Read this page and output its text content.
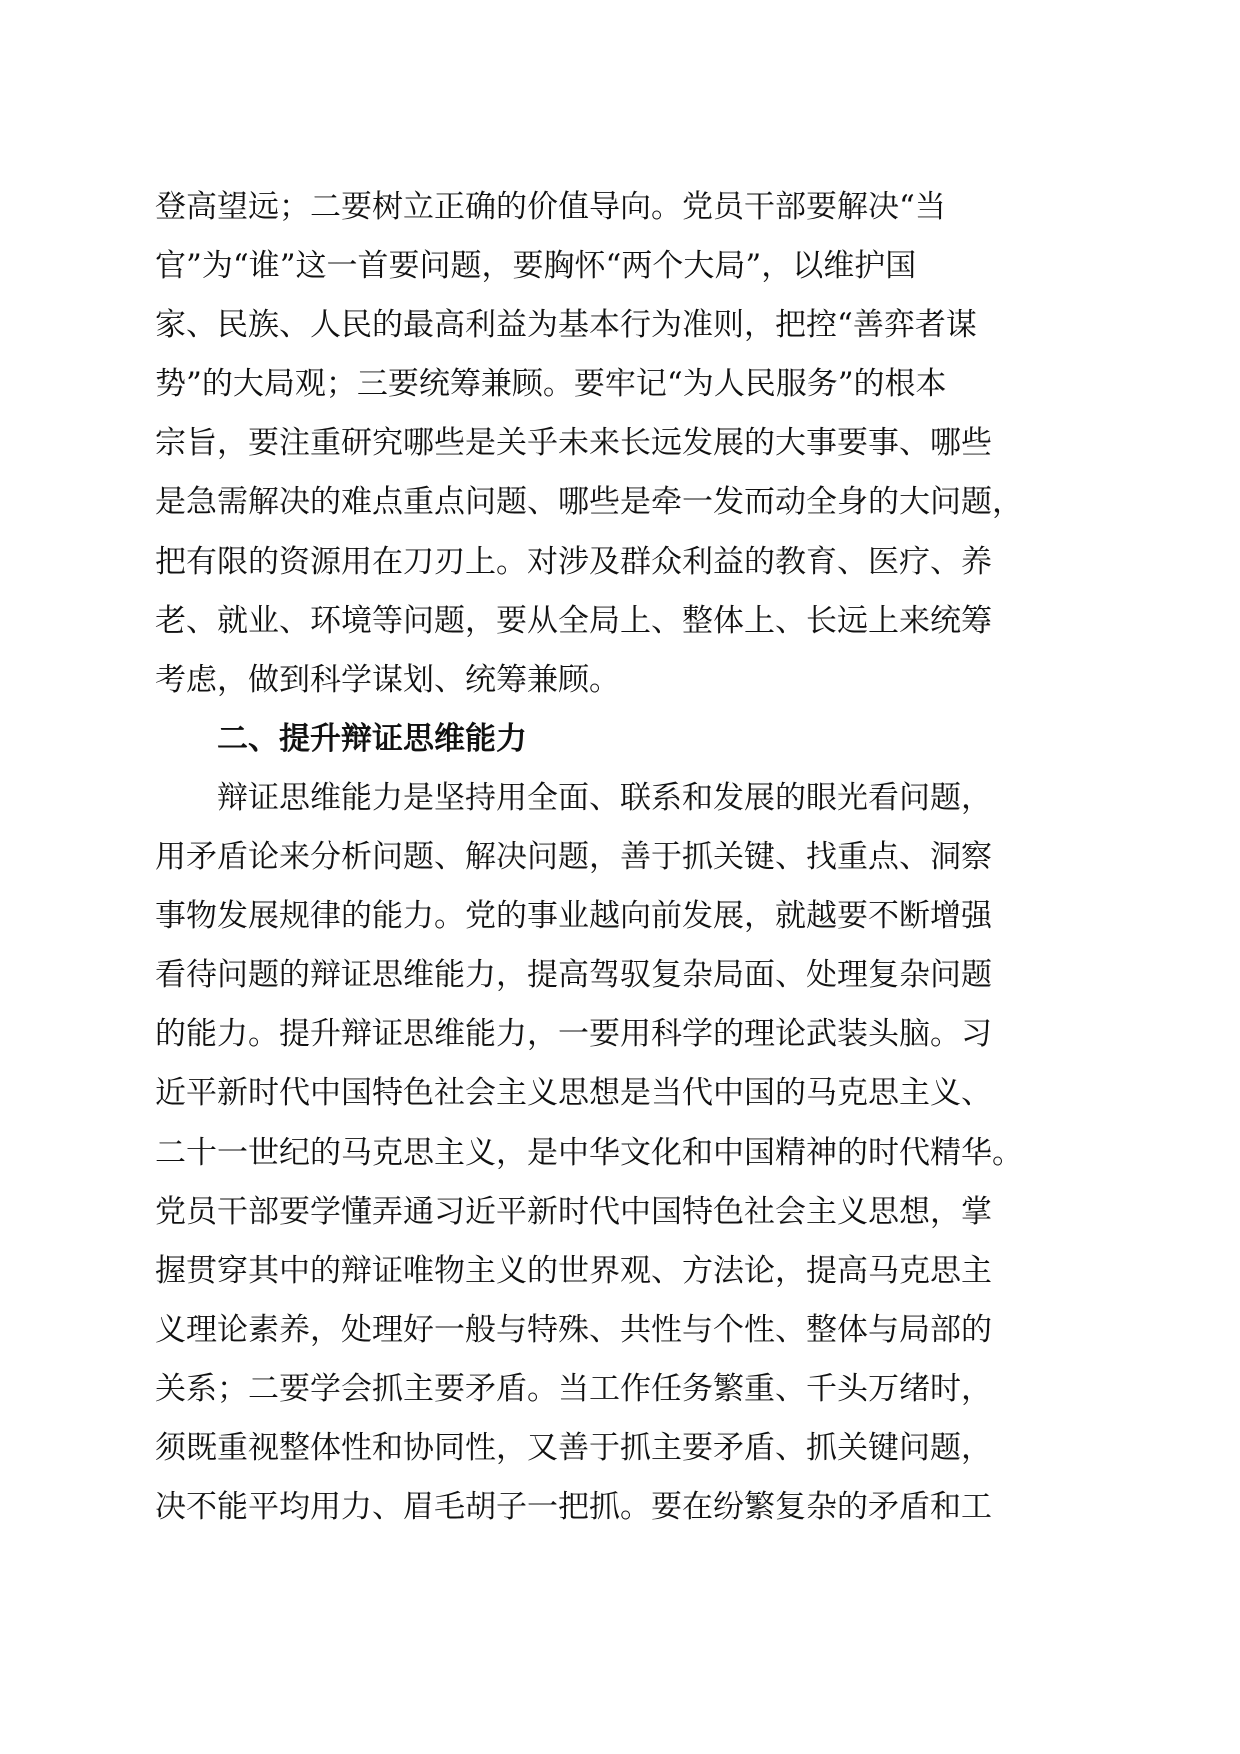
登高望远；二要树立正确的价值导向。党员干部要解决“当
官”为“谁”这一首要问题，要胸怀“两个大局”，以维护国
家、民族、人民的最高利益为基本行为准则，把控“善弈者谋
势”的大局观；三要统筹兼顾。要牢记“为人民服务”的根本
宗旨，要注重研究哪些是关乎未来长远发展的大事要事、哪些
是急需解决的难点重点问题、哪些是牵一发而动全身的大问题，
把有限的资源用在刀刃上。对涉及群众利益的教育、医疗、养
老、就业、环境等问题，要从全局上、整体上、长远上来统筹
考虑，做到科学谋划、统筹兼顾。
二、提升辩证思维能力
辩证思维能力是坚持用全面、联系和发展的眼光看问题，
用矛盾论来分析问题、解决问题，善于抓关键、找重点、洞察
事物发展规律的能力。党的事业越向前发展，就越要不断增强
看待问题的辩证思维能力，提高驾驭复杂局面、处理复杂问题
的能力。提升辩证思维能力，一要用科学的理论武装头脑。习
近平新时代中国特色社会主义思想是当代中国的马克思主义、
二十一世纪的马克思主义，是中华文化和中国精神的时代精华。
党员干部要学懂弄通习近平新时代中国特色社会主义思想，掌
握贯穿其中的辩证唯物主义的世界观、方法论，提高马克思主
义理论素养，处理好一般与特殊、共性与个性、整体与局部的
关系；二要学会抓主要矛盾。当工作任务繁重、千头万绪时，
须既重视整体性和协同性，又善于抓主要矛盾、抓关键问题，
决不能平均用力、眉毛胡子一把抓。要在纷繁复杂的矛盾和工
